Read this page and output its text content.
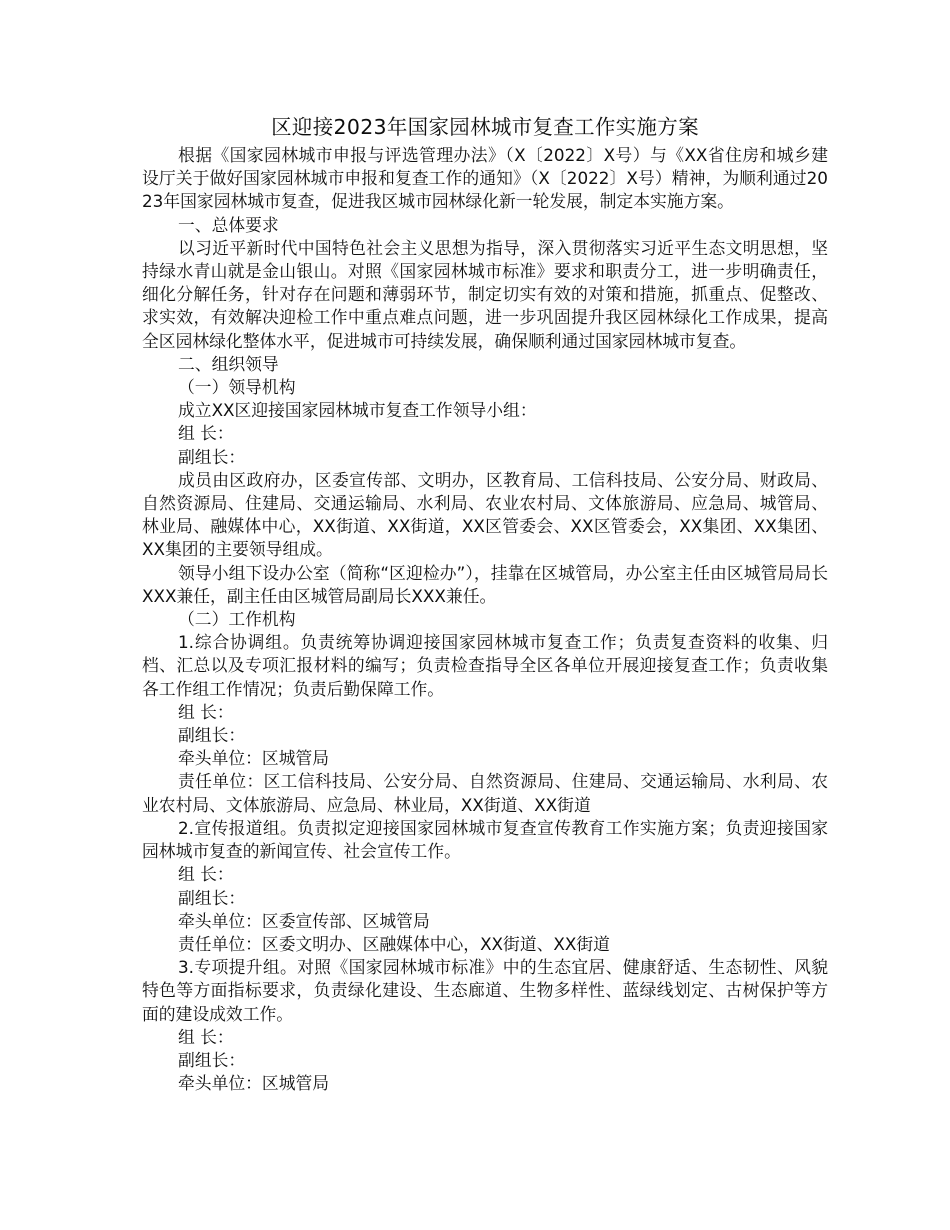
区迎接2023年国家园林城市复查工作实施方案

根据《国家园林城市申报与评选管理办法》（X〔2022〕X号）与《XX省住房和城乡建设厅关于做好国家园林城市申报和复查工作的通知》（X〔2022〕X号）精神，为顺利通过2023年国家园林城市复查，促进我区城市园林绿化新一轮发展，制定本实施方案。

一、总体要求

以习近平新时代中国特色社会主义思想为指导，深入贯彻落实习近平生态文明思想，坚持绿水青山就是金山银山。对照《国家园林城市标准》要求和职责分工，进一步明确责任，细化分解任务，针对存在问题和薄弱环节，制定切实有效的对策和措施，抓重点、促整改、求实效，有效解决迎检工作中重点难点问题，进一步巩固提升我区园林绿化工作成果，提高全区园林绿化整体水平，促进城市可持续发展，确保顺利通过国家园林城市复查。

二、组织领导

（一）领导机构

成立XX区迎接国家园林城市复查工作领导小组：

组 长：

副组长：

成员由区政府办，区委宣传部、文明办，区教育局、工信科技局、公安分局、财政局、自然资源局、住建局、交通运输局、水利局、农业农村局、文体旅游局、应急局、城管局、林业局、融媒体中心，XX街道、XX街道，XX区管委会、XX区管委会，XX集团、XX集团、XX集团的主要领导组成。

领导小组下设办公室（简称“区迎检办”），挂靠在区城管局，办公室主任由区城管局局长XXX兼任，副主任由区城管局副局长XXX兼任。

（二）工作机构

1.综合协调组。负责统筹协调迎接国家园林城市复查工作；负责复查资料的收集、归档、汇总以及专项汇报材料的编写；负责检查指导全区各单位开展迎接复查工作；负责收集各工作组工作情况；负责后勤保障工作。

组 长：

副组长：

牵头单位：区城管局

责任单位：区工信科技局、公安分局、自然资源局、住建局、交通运输局、水利局、农业农村局、文体旅游局、应急局、林业局，XX街道、XX街道

2.宣传报道组。负责拟定迎接国家园林城市复查宣传教育工作实施方案；负责迎接国家园林城市复查的新闻宣传、社会宣传工作。

组 长：

副组长：

牵头单位：区委宣传部、区城管局

责任单位：区委文明办、区融媒体中心，XX街道、XX街道

3.专项提升组。对照《国家园林城市标准》中的生态宜居、健康舒适、生态韧性、风貌特色等方面指标要求，负责绿化建设、生态廊道、生物多样性、蓝绿线划定、古树保护等方面的建设成效工作。

组 长：

副组长：

牵头单位：区城管局
